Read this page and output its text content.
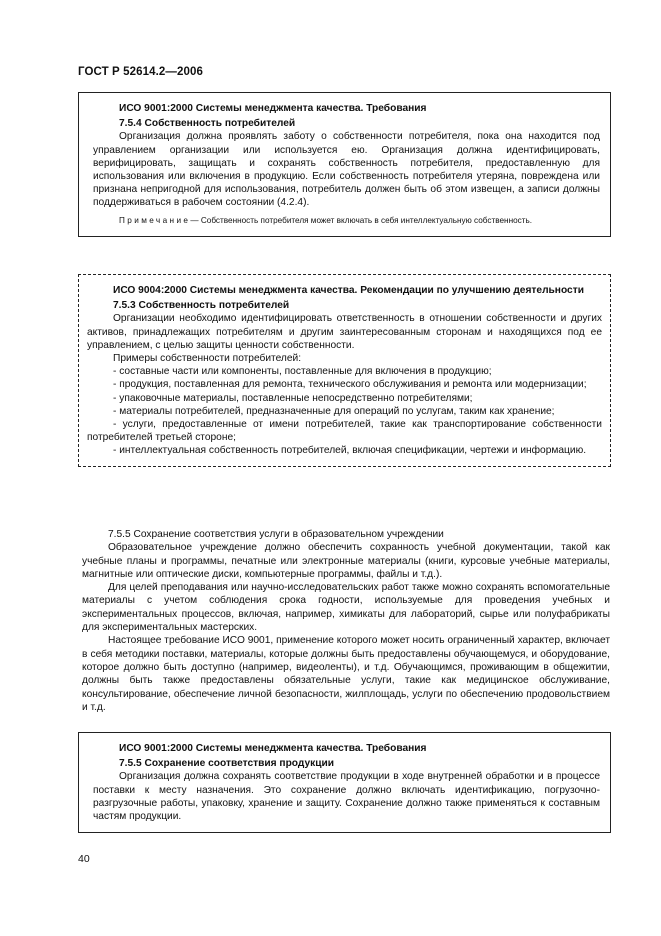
ГОСТ Р 52614.2—2006

ИСО 9001:2000 Системы менеджмента качества. Требования

7.5.4 Собственность потребителей

Организация должна проявлять заботу о собственности потребителя, пока она находится под управлением организации или используется ею. Организация должна идентифицировать, верифицировать, защищать и сохранять собственность потребителя, предоставленную для использования или включения в продукцию. Если собственность потребителя утеряна, повреждена или признана непригодной для использования, потребитель должен быть об этом извещен, а записи должны поддерживаться в рабочем состоянии (4.2.4).

Примечание— Собственность потребителя может включать в себя интеллектуальную собственность.

ИСО 9004:2000 Системы менеджмента качества. Рекомендации по улучшению деятельности

7.5.3 Собственность потребителей

Организации необходимо идентифицировать ответственность в отношении собственности и других активов, принадлежащих потребителям и другим заинтересованным сторонам и находящихся под ее управлением, с целью защиты ценности собственности.

Примеры собственности потребителей:

- составные части или компоненты, поставленные для включения в продукцию;

- продукция, поставленная для ремонта, технического обслуживания и ремонта или модернизации;

- упаковочные материалы, поставленные непосредственно потребителями;

- материалы потребителей, предназначенные для операций по услугам, таким как хранение;

- услуги, предоставленные от имени потребителей, такие как транспортирование собственности потребителей третьей стороне;

- интеллектуальная собственность потребителей, включая спецификации, чертежи и информацию.

7.5.5 Сохранение соответствия услуги в образовательном учреждении

Образовательное учреждение должно обеспечить сохранность учебной документации, такой как учебные планы и программы, печатные или электронные материалы (книги, курсовые учебные материалы, магнитные или оптические диски, компьютерные программы, файлы и т.д.).

Для целей преподавания или научно-исследовательских работ также можно сохранять вспомогательные материалы с учетом соблюдения срока годности, используемые для проведения учебных и экспериментальных процессов, включая, например, химикаты для лабораторий, сырье или полуфабрикаты для экспериментальных мастерских.

Настоящее требование ИСО 9001, применение которого может носить ограниченный характер, включает в себя методики поставки, материалы, которые должны быть предоставлены обучающемуся, и оборудование, которое должно быть доступно (например, видеоленты), и т.д. Обучающимся, проживающим в общежитии, должны быть также предоставлены обязательные услуги, такие как медицинское обслуживание, консультирование, обеспечение личной безопасности, жилплощадь, услуги по обеспечению продовольствием и т.д.

ИСО 9001:2000 Системы менеджмента качества. Требования

7.5.5 Сохранение соответствия продукции

Организация должна сохранять соответствие продукции в ходе внутренней обработки и в процессе поставки к месту назначения. Это сохранение должно включать идентификацию, погрузочно-разгрузочные работы, упаковку, хранение и защиту. Сохранение должно также применяться к составным частям продукции.

40
